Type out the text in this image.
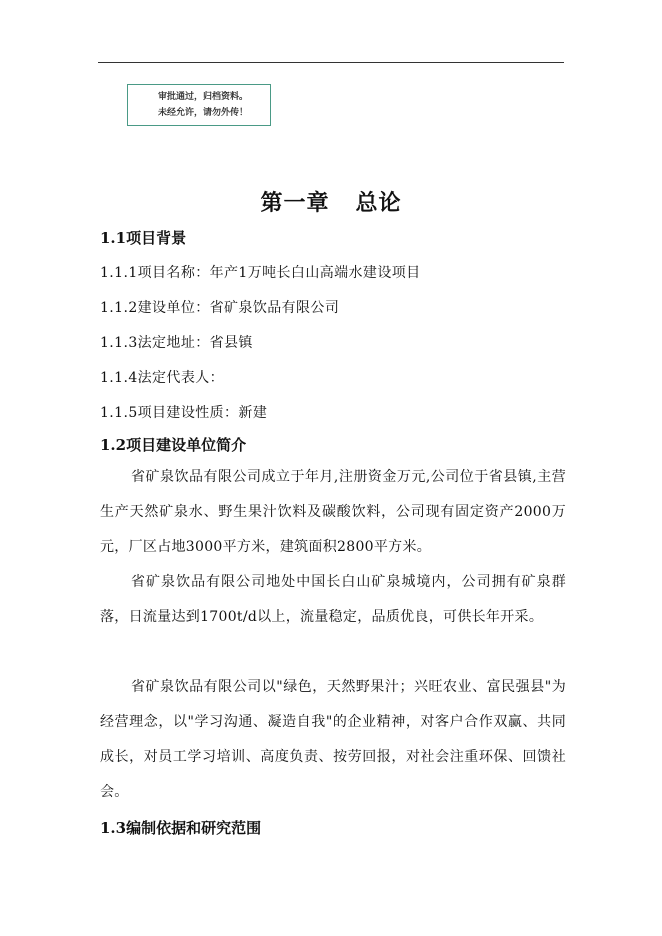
审批通过，归档资料。
未经允许，请勿外传！
第一章 总论
1.1项目背景
1.1.1项目名称：年产1万吨长白山高端水建设项目
1.1.2建设单位：省矿泉饮品有限公司
1.1.3法定地址：省县镇
1.1.4法定代表人：
1.1.5项目建设性质：新建
1.2项目建设单位简介
省矿泉饮品有限公司成立于年月,注册资金万元,公司位于省县镇,主营生产天然矿泉水、野生果汁饮料及碳酸饮料，公司现有固定资产2000万元，厂区占地3000平方米，建筑面积2800平方米。
省矿泉饮品有限公司地处中国长白山矿泉城境内，公司拥有矿泉群落，日流量达到1700t/d以上，流量稳定，品质优良，可供长年开采。
省矿泉饮品有限公司以"绿色，天然野果汁；兴旺农业、富民强县"为经营理念，以"学习沟通、凝造自我"的企业精神，对客户合作双赢、共同成长，对员工学习培训、高度负责、按劳回报，对社会注重环保、回馈社会。
1.3编制依据和研究范围
